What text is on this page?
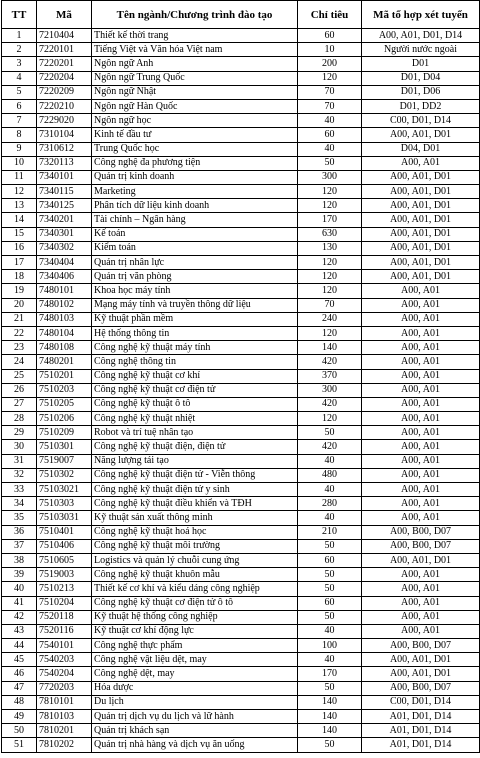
TT	Mã	Tên ngành/Chương trình đào tạo	Chỉ tiêu	Mã tổ hợp xét tuyển
1	7210404	Thiết kế thời trang	60	A00, A01, D01, D14
2	7220101	Tiếng Việt và Văn hóa Việt nam	10	Người nước ngoài
3	7220201	Ngôn ngữ Anh	200	D01
4	7220204	Ngôn ngữ Trung Quốc	120	D01, D04
5	7220209	Ngôn ngữ Nhật	70	D01, D06
6	7220210	Ngôn ngữ Hàn Quốc	70	D01, DD2
7	7229020	Ngôn ngữ học	40	C00, D01, D14
8	7310104	Kinh tế đầu tư	60	A00, A01, D01
9	7310612	Trung Quốc học	40	D04, D01
10	7320113	Công nghệ đa phương tiện	50	A00, A01
11	7340101	Quản trị kinh doanh	300	A00, A01, D01
12	7340115	Marketing	120	A00, A01, D01
13	7340125	Phân tích dữ liệu kinh doanh	120	A00, A01, D01
14	7340201	Tài chính – Ngân hàng	170	A00, A01, D01
15	7340301	Kế toán	630	A00, A01, D01
16	7340302	Kiểm toán	130	A00, A01, D01
17	7340404	Quản trị nhân lực	120	A00, A01, D01
18	7340406	Quản trị văn phòng	120	A00, A01, D01
19	7480101	Khoa học máy tính	120	A00, A01
20	7480102	Mạng máy tính và truyền thông dữ liệu	70	A00, A01
21	7480103	Kỹ thuật phần mềm	240	A00, A01
22	7480104	Hệ thống thông tin	120	A00, A01
23	7480108	Công nghệ kỹ thuật máy tính	140	A00, A01
24	7480201	Công nghệ thông tin	420	A00, A01
25	7510201	Công nghệ kỹ thuật cơ khí	370	A00, A01
26	7510203	Công nghệ kỹ thuật cơ điện tử	300	A00, A01
27	7510205	Công nghệ kỹ thuật ô tô	420	A00, A01
28	7510206	Công nghệ kỹ thuật nhiệt	120	A00, A01
29	7510209	Robot và trí tuệ nhân tạo	50	A00, A01
30	7510301	Công nghệ kỹ thuật điện, điện tử	420	A00, A01
31	7519007	Năng lượng tái tạo	40	A00, A01
32	7510302	Công nghệ kỹ thuật điện tử - Viễn thông	480	A00, A01
33	75103021	Công nghệ kỹ thuật điện tử y sinh	40	A00, A01
34	7510303	Công nghệ kỹ thuật điều khiển và TĐH	280	A00, A01
35	75103031	Kỹ thuật sản xuất thông minh	40	A00, A01
36	7510401	Công nghệ kỹ thuật hoá học	210	A00, B00, D07
37	7510406	Công nghệ kỹ thuật môi trường	50	A00, B00, D07
38	7510605	Logistics và quản lý chuỗi cung ứng	60	A00, A01, D01
39	7519003	Công nghệ kỹ thuật khuôn mẫu	50	A00, A01
40	7510213	Thiết kế cơ khí và kiểu dáng công nghiệp	50	A00, A01
41	7510204	Công nghệ kỹ thuật cơ điện tử ô tô	60	A00, A01
42	7520118	Kỹ thuật hệ thống công nghiệp	50	A00, A01
43	7520116	Kỹ thuật cơ khí động lực	40	A00, A01
44	7540101	Công nghệ thực phẩm	100	A00, B00, D07
45	7540203	Công nghệ vật liệu dệt, may	40	A00, A01, D01
46	7540204	Công nghệ dệt, may	170	A00, A01, D01
47	7720203	Hóa dược	50	A00, B00, D07
48	7810101	Du lịch	140	C00, D01, D14
49	7810103	Quản trị dịch vụ du lịch và lữ hành	140	A01, D01, D14
50	7810201	Quản trị khách sạn	140	A01, D01, D14
51	7810202	Quản trị nhà hàng và dịch vụ ăn uống	50	A01, D01, D14
